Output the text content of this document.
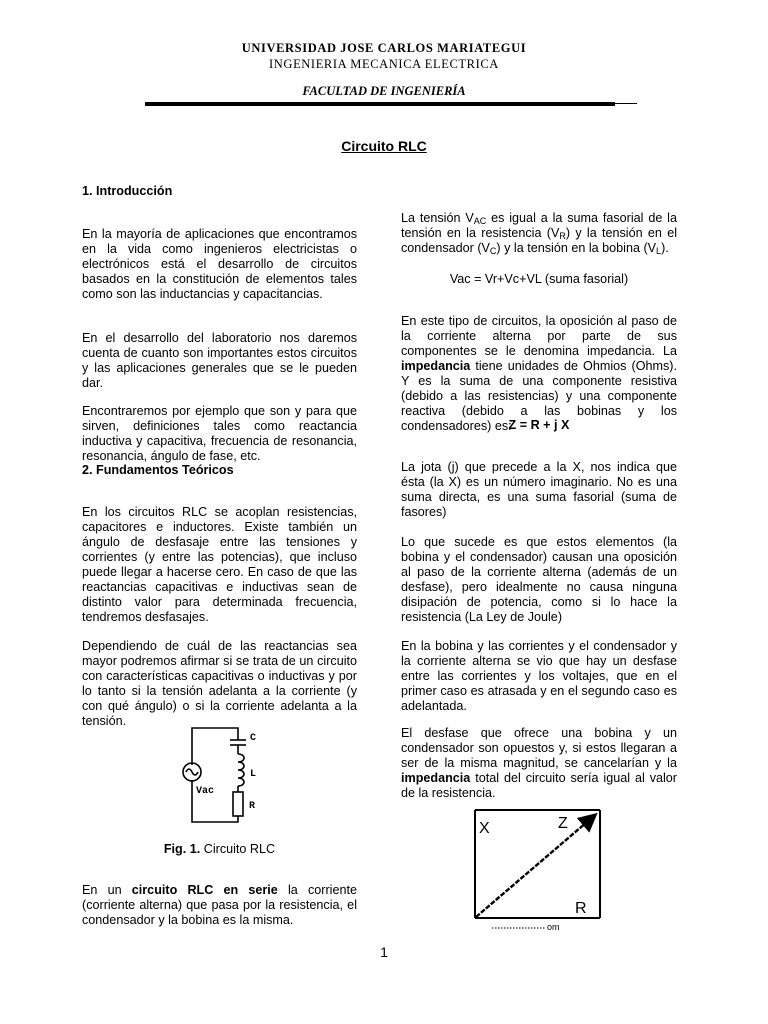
UNIVERSIDAD JOSE CARLOS MARIATEGUI
INGENIERIA MECANICA ELECTRICA
FACULTAD DE INGENIERÍA
Circuito RLC
1. Introducción

En la mayoría de aplicaciones que encontramos en la vida como ingenieros electricistas o electrónicos está el desarrollo de circuitos basados en la constitución de elementos tales como son las inductancias y capacitancias.

En el desarrollo del laboratorio nos daremos cuenta de cuanto son importantes estos circuitos y las aplicaciones generales que se le pueden dar.

Encontraremos por ejemplo que son y para que sirven, definiciones tales como reactancia inductiva y capacitiva, frecuencia de resonancia, resonancia, ángulo de fase, etc.

2. Fundamentos Teóricos

En los circuitos RLC se acoplan resistencias, capacitores e inductores. Existe también un ángulo de desfasaje entre las tensiones y corrientes (y entre las potencias), que incluso puede llegar a hacerse cero. En caso de que las reactancias capacitivas e inductivas sean de distinto valor para determinada frecuencia, tendremos desfasajes.

Dependiendo de cuál de las reactancias sea mayor podremos afirmar si se trata de un circuito con características capacitivas o inductivas y por lo tanto si la tensión adelanta a la corriente (y con qué ángulo) o si la corriente adelanta a la tensión.

C
L
R
Vac
Fig. 1. Circuito RLC

En un circuito RLC en serie la corriente (corriente alterna) que pasa por la resistencia, el condensador y la bobina es la misma.

La tensión $V_{AC}$ es igual a la suma fasorial de la tensión en la resistencia $(V_R)$ y la tensión en el condensador $(V_C)$ y la tensión en la bobina $(V_L)$.

Vac = Vr+Vc+VL (suma fasorial)

En este tipo de circuitos, la oposición al paso de la corriente alterna por parte de sus componentes se le denomina impedancia. La impedancia tiene unidades de Ohmios (Ohms). Y es la suma de una componente resistiva (debido a las resistencias) y una componente reactiva (debido a las bobinas y los condensadores) es:

Z = R + j X

La jota (j) que precede a la X, nos indica que ésta (la X) es un número imaginario. No es una suma directa, es una suma fasorial (suma de fasores)

Lo que sucede es que estos elementos (la bobina y el condensador) causan una oposición al paso de la corriente alterna (además de un desfase), pero idealmente no causa ninguna disipación de potencia, como si lo hace la resistencia (La Ley de Joule)

En la bobina y las corrientes y el condensador y la corriente alterna se vio que hay un desfase entre las corrientes y los voltajes, que en el primer caso es atrasada y en el segundo caso es adelantada.

El desfase que ofrece una bobina y un condensador son opuestos y, si estos llegaran a ser de la misma magnitud, se cancelarían y la impedancia total del circuito sería igual al valor de la resistencia.

X	Z
R
om
1
